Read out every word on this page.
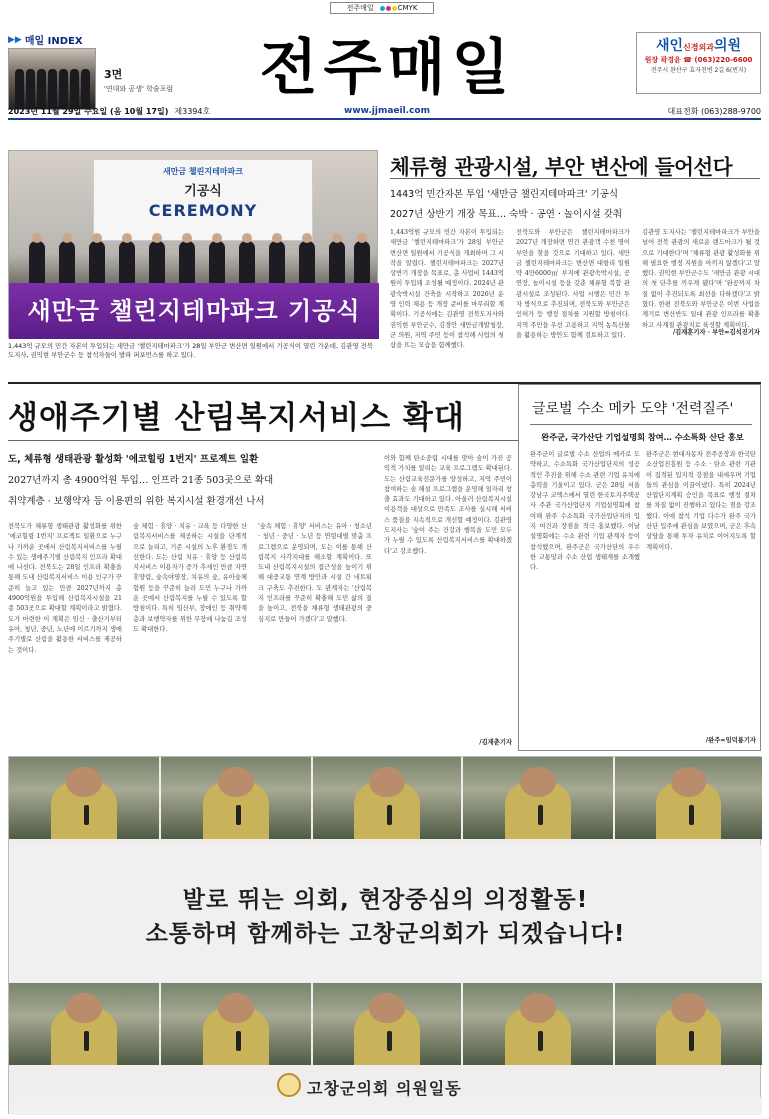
전주매일	CMYK
▶▶ 매일 INDEX
3면
'연대와 공생' 학술포럼 전주매일	새인신경외과의원
원장 곽경윤 ☎ (063)220-6600
전주시 완산구 효자천변 2길 6(번지)
2023년 11월 29일 수요일 (음 10월 17일) 제3394호	www.jjmaeil.com	대표전화 (063)288-9700
새만금 챌린지테마파크
기공식
CEREMONY
새만금 챌린지테마파크 기공식
1,443억 규모의 민간 자본이 투입되는 새만금 '챌린지테마파크'가 28일 부안군 변산면 일원에서 기공식이 열린 가운데, 김관영 전북도지사, 권익현 부안군수 등 참석자들이 발파 퍼포먼스를 하고 있다.
체류형 관광시설, 부안 변산에 들어선다
1443억 민간자본 투입 '새만금 챌린지테마파크' 기공식
2027년 상반기 개장 목표… 숙박 · 공연 · 놀이시설 갖춰
1,443억원 규모의 민간 자본이 투입되는 새만금 '챌린지테마파크'가 28일 부안군 변산면 일원에서 기공식을 개최하며 그 시작을 알렸다. 챌린지테마파크는 2027년 상반기 개장을 목표로, 총 사업비 1443억원이 투입돼 조성될 예정이다. 2024년 관광숙박시설 건축을 시작하고 2026년 운영 인력 채용 등 개장 준비를 마무리할 계획이다. 기공식에는 김관영 전북도지사와 권익현 부안군수, 김경안 새만금개발청장, 군 의원, 지역 주민 등이 참석해 사업의 첫 삽을 뜨는 모습을 함께했다.
전북도와 부안군은 챌린지테마파크가 2027년 개장하면 연간 관광객 수천 명이 부안을 찾을 것으로 기대하고 있다. 새만금 챌린지테마파크는 변산면 대항리 일원 약 4만6000㎡ 부지에 관광숙박시설, 공연장, 놀이시설 등을 갖춘 체류형 복합 관광시설로 조성된다. 사업 시행은 민간 투자 방식으로 추진되며, 전북도와 부안군은 인허가 등 행정 절차를 지원할 방침이다. 지역 주민을 우선 고용하고 지역 농특산물을 활용하는 방안도 함께 검토하고 있다.
김관영 도지사는 '챌린지테마파크가 부안을 넘어 전북 관광의 새로운 랜드마크가 될 것으로 기대한다'며 '체류형 관광 활성화를 위해 필요한 행정 지원을 아끼지 않겠다'고 말했다. 권익현 부안군수도 '새만금 관광 시대의 첫 단추를 끼우게 됐다'며 '완공까지 차질 없이 추진되도록 최선을 다하겠다'고 밝혔다. 한편 전북도와 부안군은 이번 사업을 계기로 변산반도 일대 관광 인프라를 확충하고 사계절 관광지로 육성할 계획이다.
/김재훈기자 · 부안=김석진기자
생애주기별 산림복지서비스 확대
도, 체류형 생태관광 활성화 '에코힐링 1번지' 프로젝트 일환
2027년까지 총 4900억원 투입… 인프라 21종 503곳으로 확대
취약계층 · 보행약자 등 이용편의 위한 복지시설 환경개선 나서
전북도가 체류형 생태관광 활성화를 위한 '에코힐링 1번지' 프로젝트 일환으로 누구나 가까운 곳에서 산림복지서비스를 누릴 수 있는 생애주기별 산림복지 인프라 확대에 나선다. 전북도는 28일 인프라 확충을 통해 도내 산림복지서비스 이용 인구가 꾸준히 늘고 있는 만큼 2027년까지 총 4900억원을 투입해 산림복지시설을 21종 503곳으로 확대할 계획이라고 밝혔다. 도가 마련한 이 계획은 임신 · 출산기부터 유아, 청년, 중년, 노년에 이르기까지 생애주기별로 산림을 활용한 서비스를 제공하는 것이다.
숲 체험 · 휴양 · 치유 · 교육 등 다양한 산림복지서비스를 제공하는 시설을 단계적으로 늘리고, 기존 시설의 노후 환경도 개선한다. 도는 산림 치유 · 휴양 등 산림복지서비스 이용자가 증가 추세인 만큼 자연휴양림, 숲속야영장, 치유의 숲, 유아숲체험원 등을 꾸준히 늘려 도민 누구나 가까운 곳에서 산림복지를 누릴 수 있도록 할 방침이다. 특히 임산부, 장애인 등 취약계층과 보행약자를 위한 무장애 나눔길 조성도 확대한다.
'숲속 체험 · 휴양' 서비스는 유아 · 청소년 · 청년 · 중년 · 노년 등 연령대별 맞춤 프로그램으로 운영되며, 도는 이를 통해 산림복지 사각지대를 해소할 계획이다. 또 도내 산림복지시설의 접근성을 높이기 위해 대중교통 연계 방안과 시설 간 네트워크 구축도 추진한다. 도 관계자는 '산림복지 인프라를 꾸준히 확충해 도민 삶의 질을 높이고, 전북을 체류형 생태관광의 중심지로 만들어 가겠다'고 말했다.
이와 함께 탄소중립 시대를 맞아 숲이 가진 공익적 가치를 알리는 교육 프로그램도 확대된다. 도는 산림교육전문가를 양성하고, 지역 주민이 참여하는 숲 해설 프로그램을 운영해 일자리 창출 효과도 기대하고 있다. 아울러 산림복지시설 이용객을 대상으로 만족도 조사를 실시해 서비스 품질을 지속적으로 개선할 예정이다. 김관영 도지사는 '숲이 주는 건강과 행복을 도민 모두가 누릴 수 있도록 산림복지서비스를 확대하겠다'고 강조했다.
/김재춘기자
글로벌 수소 메카 도약 '전력질주'
완주군, 국가산단 기업설명회 참여… 수소특화 산단 홍보
완주군이 글로벌 수소 산업의 메카로 도약하고, 수소특화 국가산업단지의 성공적인 추진을 위해 수소 관련 기업 유치에 총력을 기울이고 있다. 군은 28일 서울 강남구 코엑스에서 열린 한국토지주택공사 주관 국가산업단지 기업설명회에 참여해 완주 수소특화 국가산업단지의 입지 여건과 장점을 적극 홍보했다. 이날 설명회에는 수소 관련 기업 관계자 등이 참석했으며, 완주군은 국가산단의 우수한 교통망과 수소 산업 생태계를 소개했다.
완주군은 현대자동차 전주공장과 한국탄소산업진흥원 등 수소 · 탄소 관련 기관이 집적된 입지적 강점을 내세우며 기업들의 관심을 이끌어냈다. 특히 2024년 산업단지계획 승인을 목표로 행정 절차를 차질 없이 진행하고 있다는 점을 강조했다. 이에 참석 기업 다수가 완주 국가산단 입주에 관심을 보였으며, 군은 후속 상담을 통해 투자 유치로 이어지도록 할 계획이다.
/완주=임덕룡기자
발로 뛰는 의회, 현장중심의 의정활동!
소통하며 함께하는 고창군의회가 되겠습니다!
고창군의회 의원일동
